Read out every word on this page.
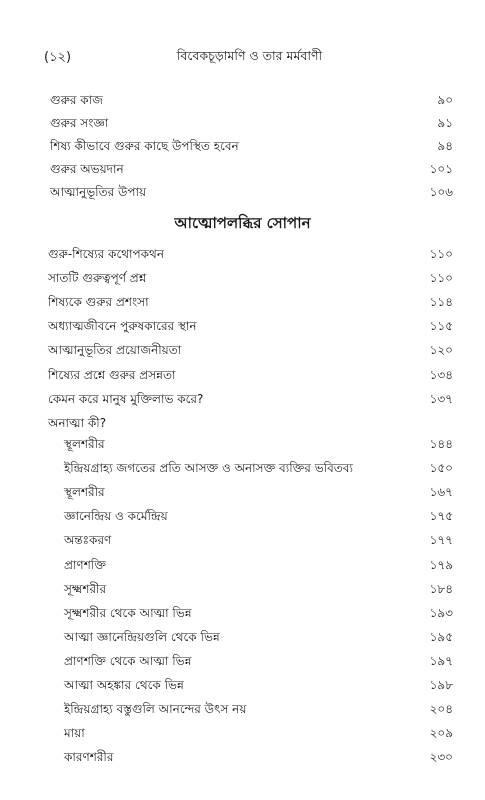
(১২)	বিবেকচূড়ামণি ও তার মর্মবাণী
গুরুর কাজ	৯০
গুরুর সংজ্ঞা	৯১
শিষ্য কীভাবে গুরুর কাছে উপস্থিত হবেন	৯৪
গুরুর অভয়দান	১০১
আত্মানুভূতির উপায়	১০৬
আত্মোপলব্ধির সোপান
গুরু-শিষ্যের কথোপকথন	১১০
সাতটি গুরুত্বপূর্ণ প্রশ্ন	১১০
শিষ্যকে গুরুর প্রশংসা	১১৪
অধ্যাত্মজীবনে পুরুষকারের স্থান	১১৫
আত্মানুভূতির প্রয়োজনীয়তা	১২০
শিষ্যের প্রশ্নে গুরুর প্রসন্নতা	১৩৪
কেমন করে মানুষ মুক্তিলাভ করে?	১৩৭
অনাত্মা কী?
স্থূলশরীর	১৪৪
ইন্দ্রিয়গ্রাহ্য জগতের প্রতি আসক্ত ও অনাসক্ত ব্যক্তির ভবিতব্য	১৫০
স্থূলশরীর	১৬৭
জ্ঞানেন্দ্রিয় ও কর্মেন্দ্রিয়	১৭৫
অন্তঃকরণ	১৭৭
প্রাণশক্তি	১৭৯
সূক্ষ্মশরীর	১৮৪
সূক্ষ্মশরীর থেকে আত্মা ভিন্ন	১৯৩
আত্মা জ্ঞানেন্দ্রিয়গুলি থেকে ভিন্ন	১৯৫
প্রাণশক্তি থেকে আত্মা ভিন্ন	১৯৭
আত্মা অহঙ্কার থেকে ভিন্ন	১৯৮
ইন্দ্রিয়গ্রাহ্য বস্তুগুলি আনন্দের উৎস নয়	২০৪
মায়া	২০৯
কারণশরীর	২৩০
